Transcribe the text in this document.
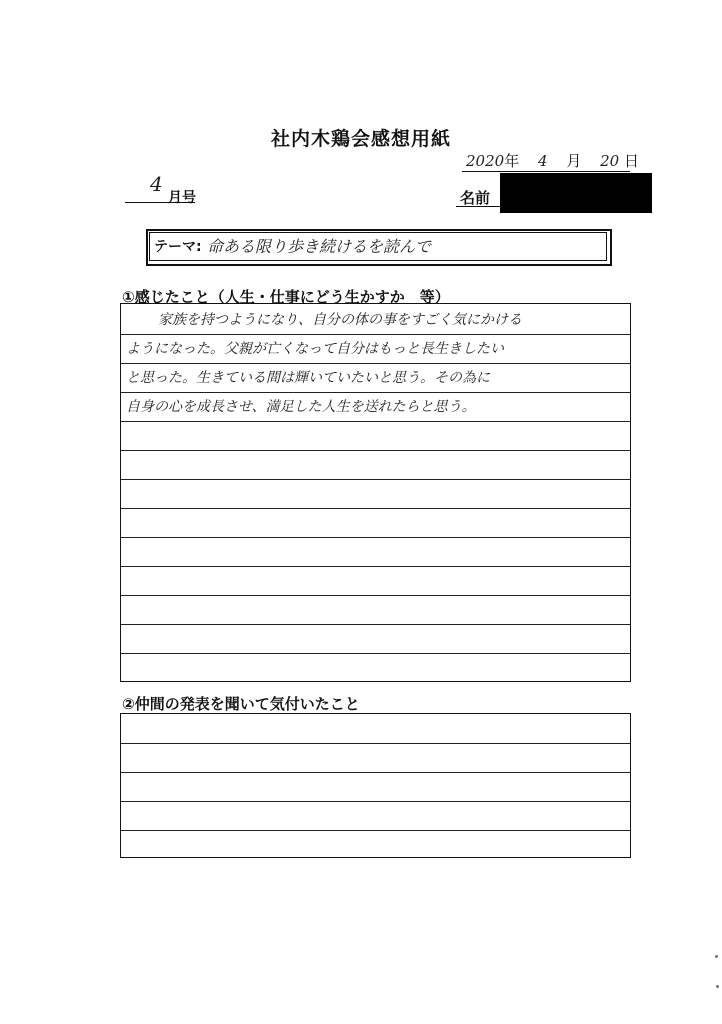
社内木鶏会感想用紙
2020年 4 月 20 日
4
月号	名前
テーマ: 命ある限り歩き続けるを読んで
①感じたこと（人生・仕事にどう生かすか　等）
家族を持つようになり、自分の体の事をすごく気にかける
ようになった。父親が亡くなって自分はもっと長生きしたい
と思った。生きている間は輝いていたいと思う。その為に
自身の心を成長させ、満足した人生を送れたらと思う。
②仲間の発表を聞いて気付いたこと
